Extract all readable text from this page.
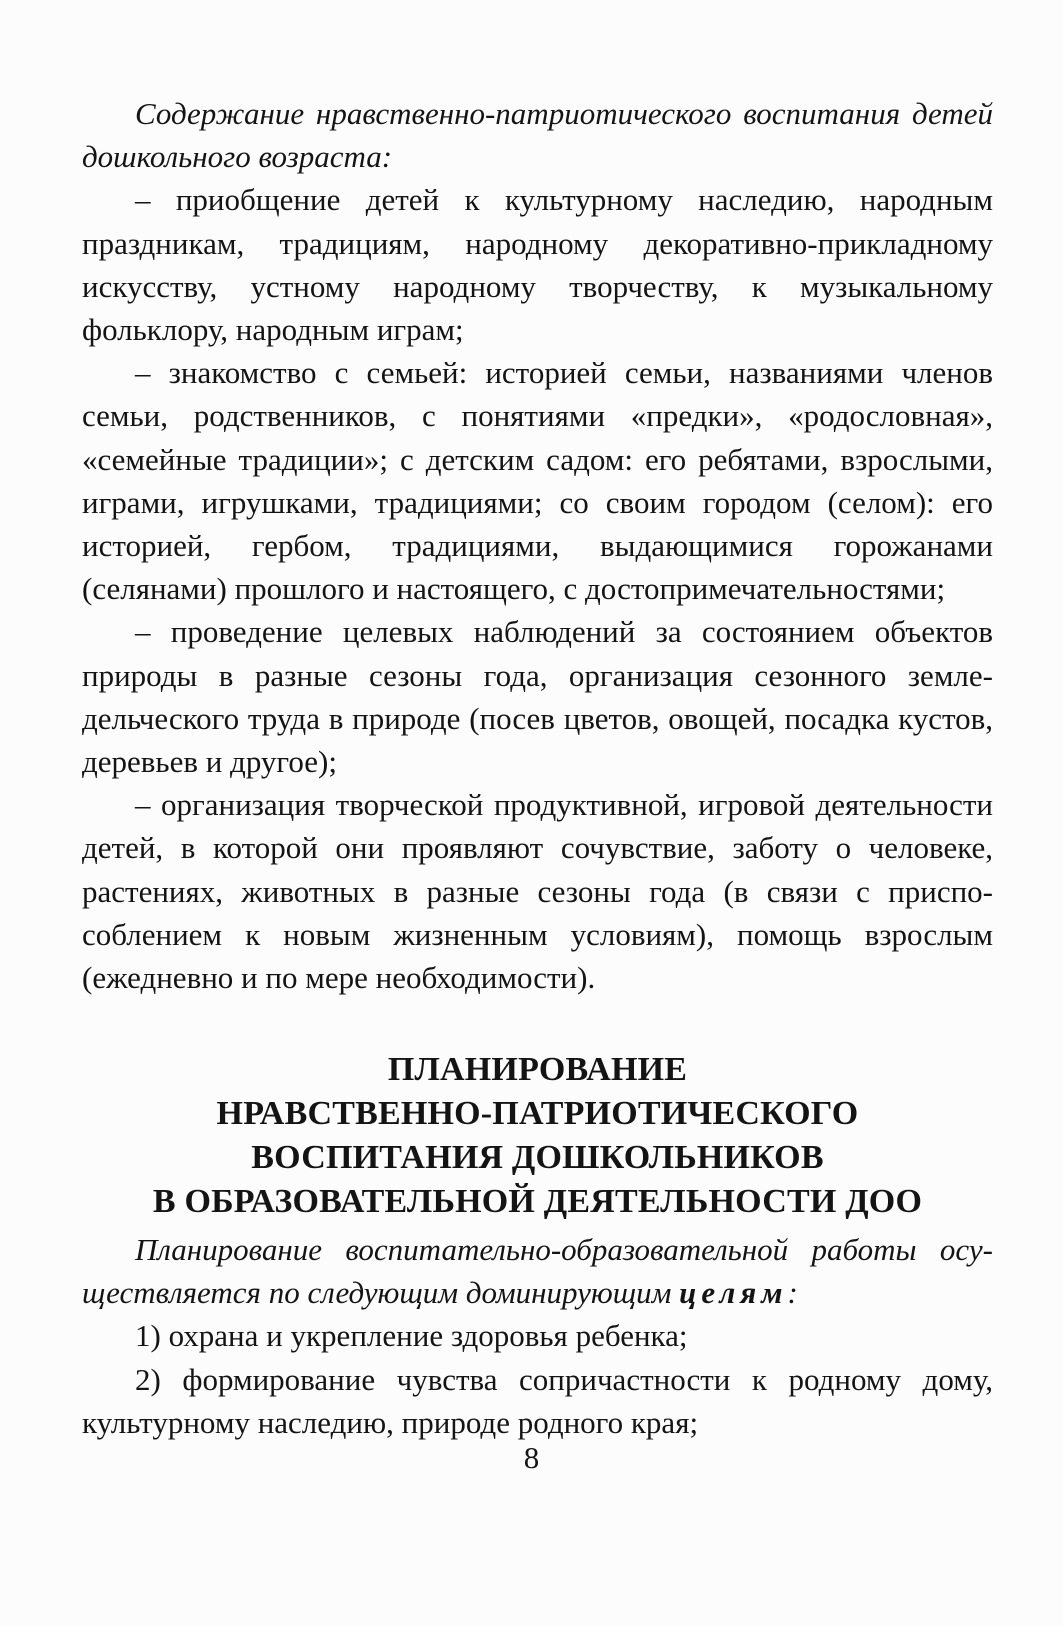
Содержание нравственно-патриотического воспитания детей дошкольного возраста:

– приобщение детей к культурному наследию, народным праздникам, традициям, народному декоративно-прикладному искусству, устному народному творчеству, к музыкальному фольклору, народным играм;

– знакомство с семьей: историей семьи, названиями членов семьи, родственников, с понятиями «предки», «родословная», «семейные традиции»; с детским садом: его ребятами, взрослыми, играми, игрушками, традициями; со своим городом (селом): его историей, гербом, традициями, выдающимися горожанами (селянами) прошлого и настоящего, с достопримечательностями;

– проведение целевых наблюдений за состоянием объектов природы в разные сезоны года, организация сезонного земледельческого труда в природе (посев цветов, овощей, посадка кустов, деревьев и другое);

– организация творческой продуктивной, игровой деятельности детей, в которой они проявляют сочувствие, заботу о человеке, растениях, животных в разные сезоны года (в связи с приспособлением к новым жизненным условиям), помощь взрослым (ежедневно и по мере необходимости).

ПЛАНИРОВАНИЕ
НРАВСТВЕННО-ПАТРИОТИЧЕСКОГО
ВОСПИТАНИЯ ДОШКОЛЬНИКОВ
В ОБРАЗОВАТЕЛЬНОЙ ДЕЯТЕЛЬНОСТИ ДОО

Планирование воспитательно-образовательной работы осуществляется по следующим доминирующим целям:

1) охрана и укрепление здоровья ребенка;

2) формирование чувства сопричастности к родному дому, культурному наследию, природе родного края;

8
